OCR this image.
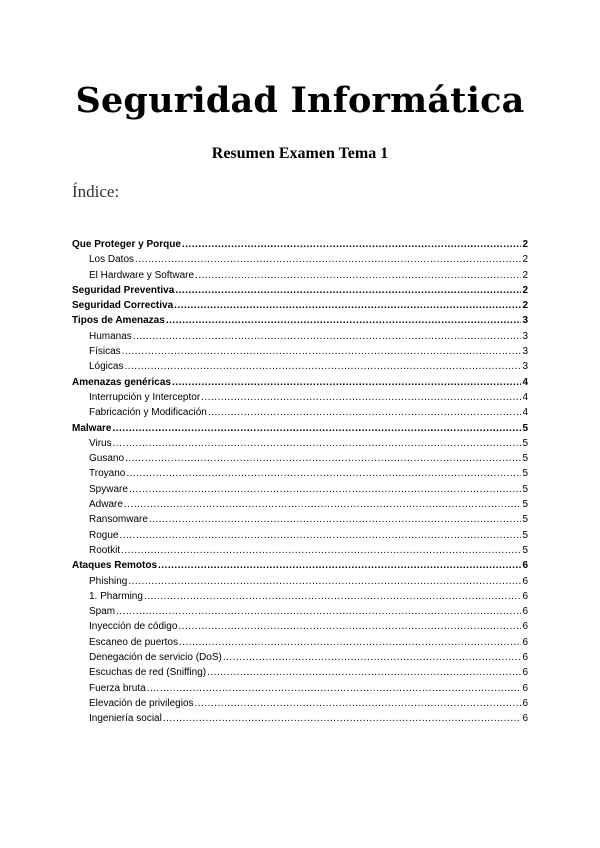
Seguridad Informática
Resumen Examen Tema 1
Índice:
Que Proteger y Porque .....	2
Los Datos .....	2
El Hardware y Software .....	2
Seguridad Preventiva .....	2
Seguridad Correctiva .....	2
Tipos de Amenazas .....	3
Humanas .....	3
Físicas .....	3
Lógicas .....	3
Amenazas genéricas .....	4
Interrupción y Interceptor .....	4
Fabricación y Modificación .....	4
Malware .....	5
Virus .....	5
Gusano .....	5
Troyano .....	5
Spyware .....	5
Adware .....	5
Ransomware .....	5
Rogue .....	5
Rootkit .....	5
Ataques Remotos .....	6
Phishing .....	6
1. Pharming .....	6
Spam .....	6
Inyección de código .....	6
Escaneo de puertos .....	6
Denegación de servicio (DoS) .....	6
Escuchas de red (Sniffing) .....	6
Fuerza bruta .....	6
Elevación de privilegios .....	6
Ingeniería social .....	6
